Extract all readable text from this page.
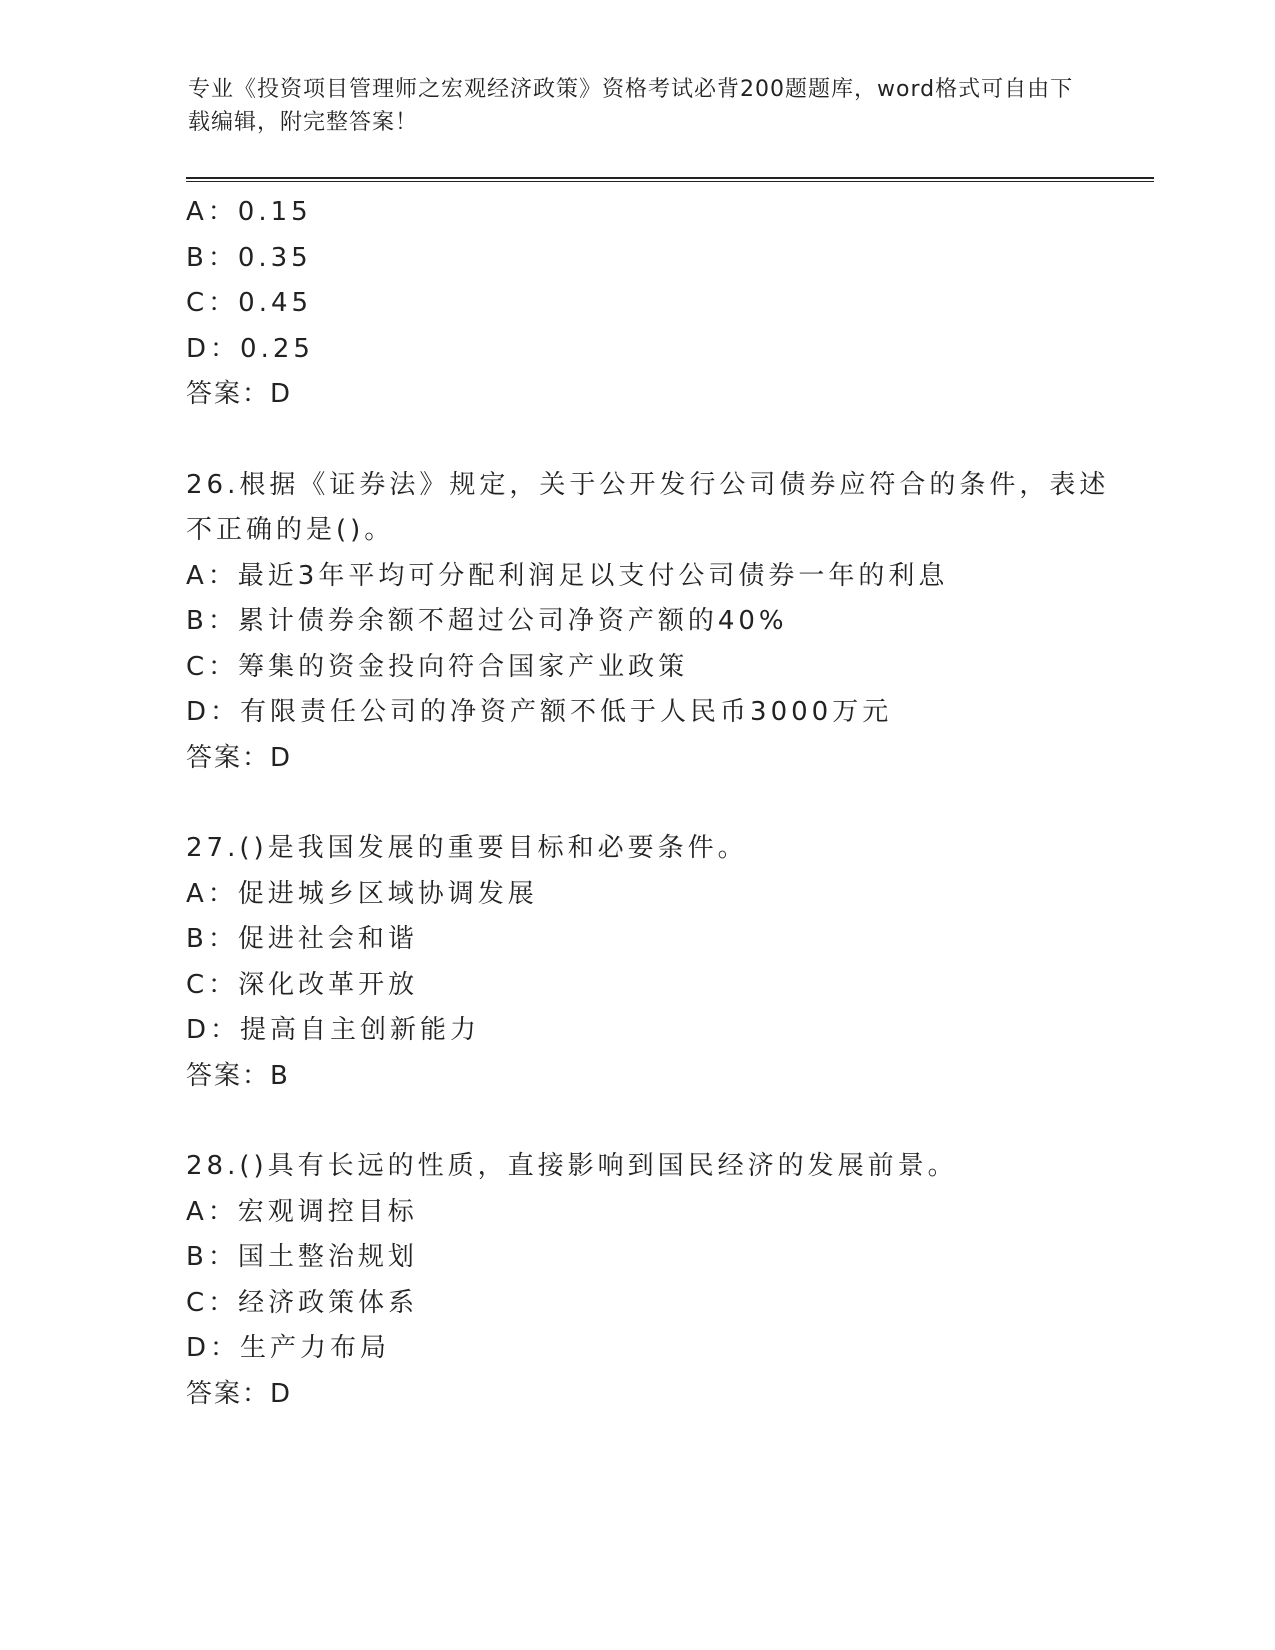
专业《投资项目管理师之宏观经济政策》资格考试必背200题题库，word格式可自由下载编辑，附完整答案！
A：0.15
B：0.35
C：0.45
D：0.25
答案：D
26.根据《证券法》规定，关于公开发行公司债券应符合的条件，表述
不正确的是()。
A：最近3年平均可分配利润足以支付公司债券一年的利息
B：累计债券余额不超过公司净资产额的40%
C：筹集的资金投向符合国家产业政策
D：有限责任公司的净资产额不低于人民币3000万元
答案：D
27.()是我国发展的重要目标和必要条件。
A：促进城乡区域协调发展
B：促进社会和谐
C：深化改革开放
D：提高自主创新能力
答案：B
28.()具有长远的性质，直接影响到国民经济的发展前景。
A：宏观调控目标
B：国土整治规划
C：经济政策体系
D：生产力布局
答案：D
